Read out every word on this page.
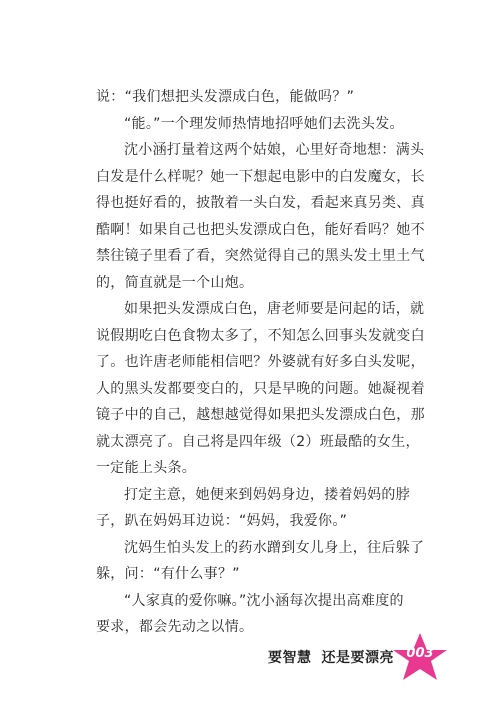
说：“我们想把头发漂成白色，能做吗？”
“能。”一个理发师热情地招呼她们去洗头发。
沈小涵打量着这两个姑娘，心里好奇地想：满头
白发是什么样呢？她一下想起电影中的白发魔女，长
得也挺好看的，披散着一头白发，看起来真另类、真
酷啊！如果自己也把头发漂成白色，能好看吗？她不
禁往镜子里看了看，突然觉得自己的黑头发土里土气
的，简直就是一个山炮。
如果把头发漂成白色，唐老师要是问起的话，就
说假期吃白色食物太多了，不知怎么回事头发就变白
了。也许唐老师能相信吧？外婆就有好多白头发呢，
人的黑头发都要变白的，只是早晚的问题。她凝视着
镜子中的自己，越想越觉得如果把头发漂成白色，那
就太漂亮了。自己将是四年级（2）班最酷的女生，
一定能上头条。
打定主意，她便来到妈妈身边，搂着妈妈的脖
子，趴在妈妈耳边说：“妈妈，我爱你。”
沈妈生怕头发上的药水蹭到女儿身上，往后躲了
躲，问：“有什么事？”
“人家真的爱你嘛。”沈小涵每次提出高难度的
要求，都会先动之以情。
要智慧 还是要漂亮 003
